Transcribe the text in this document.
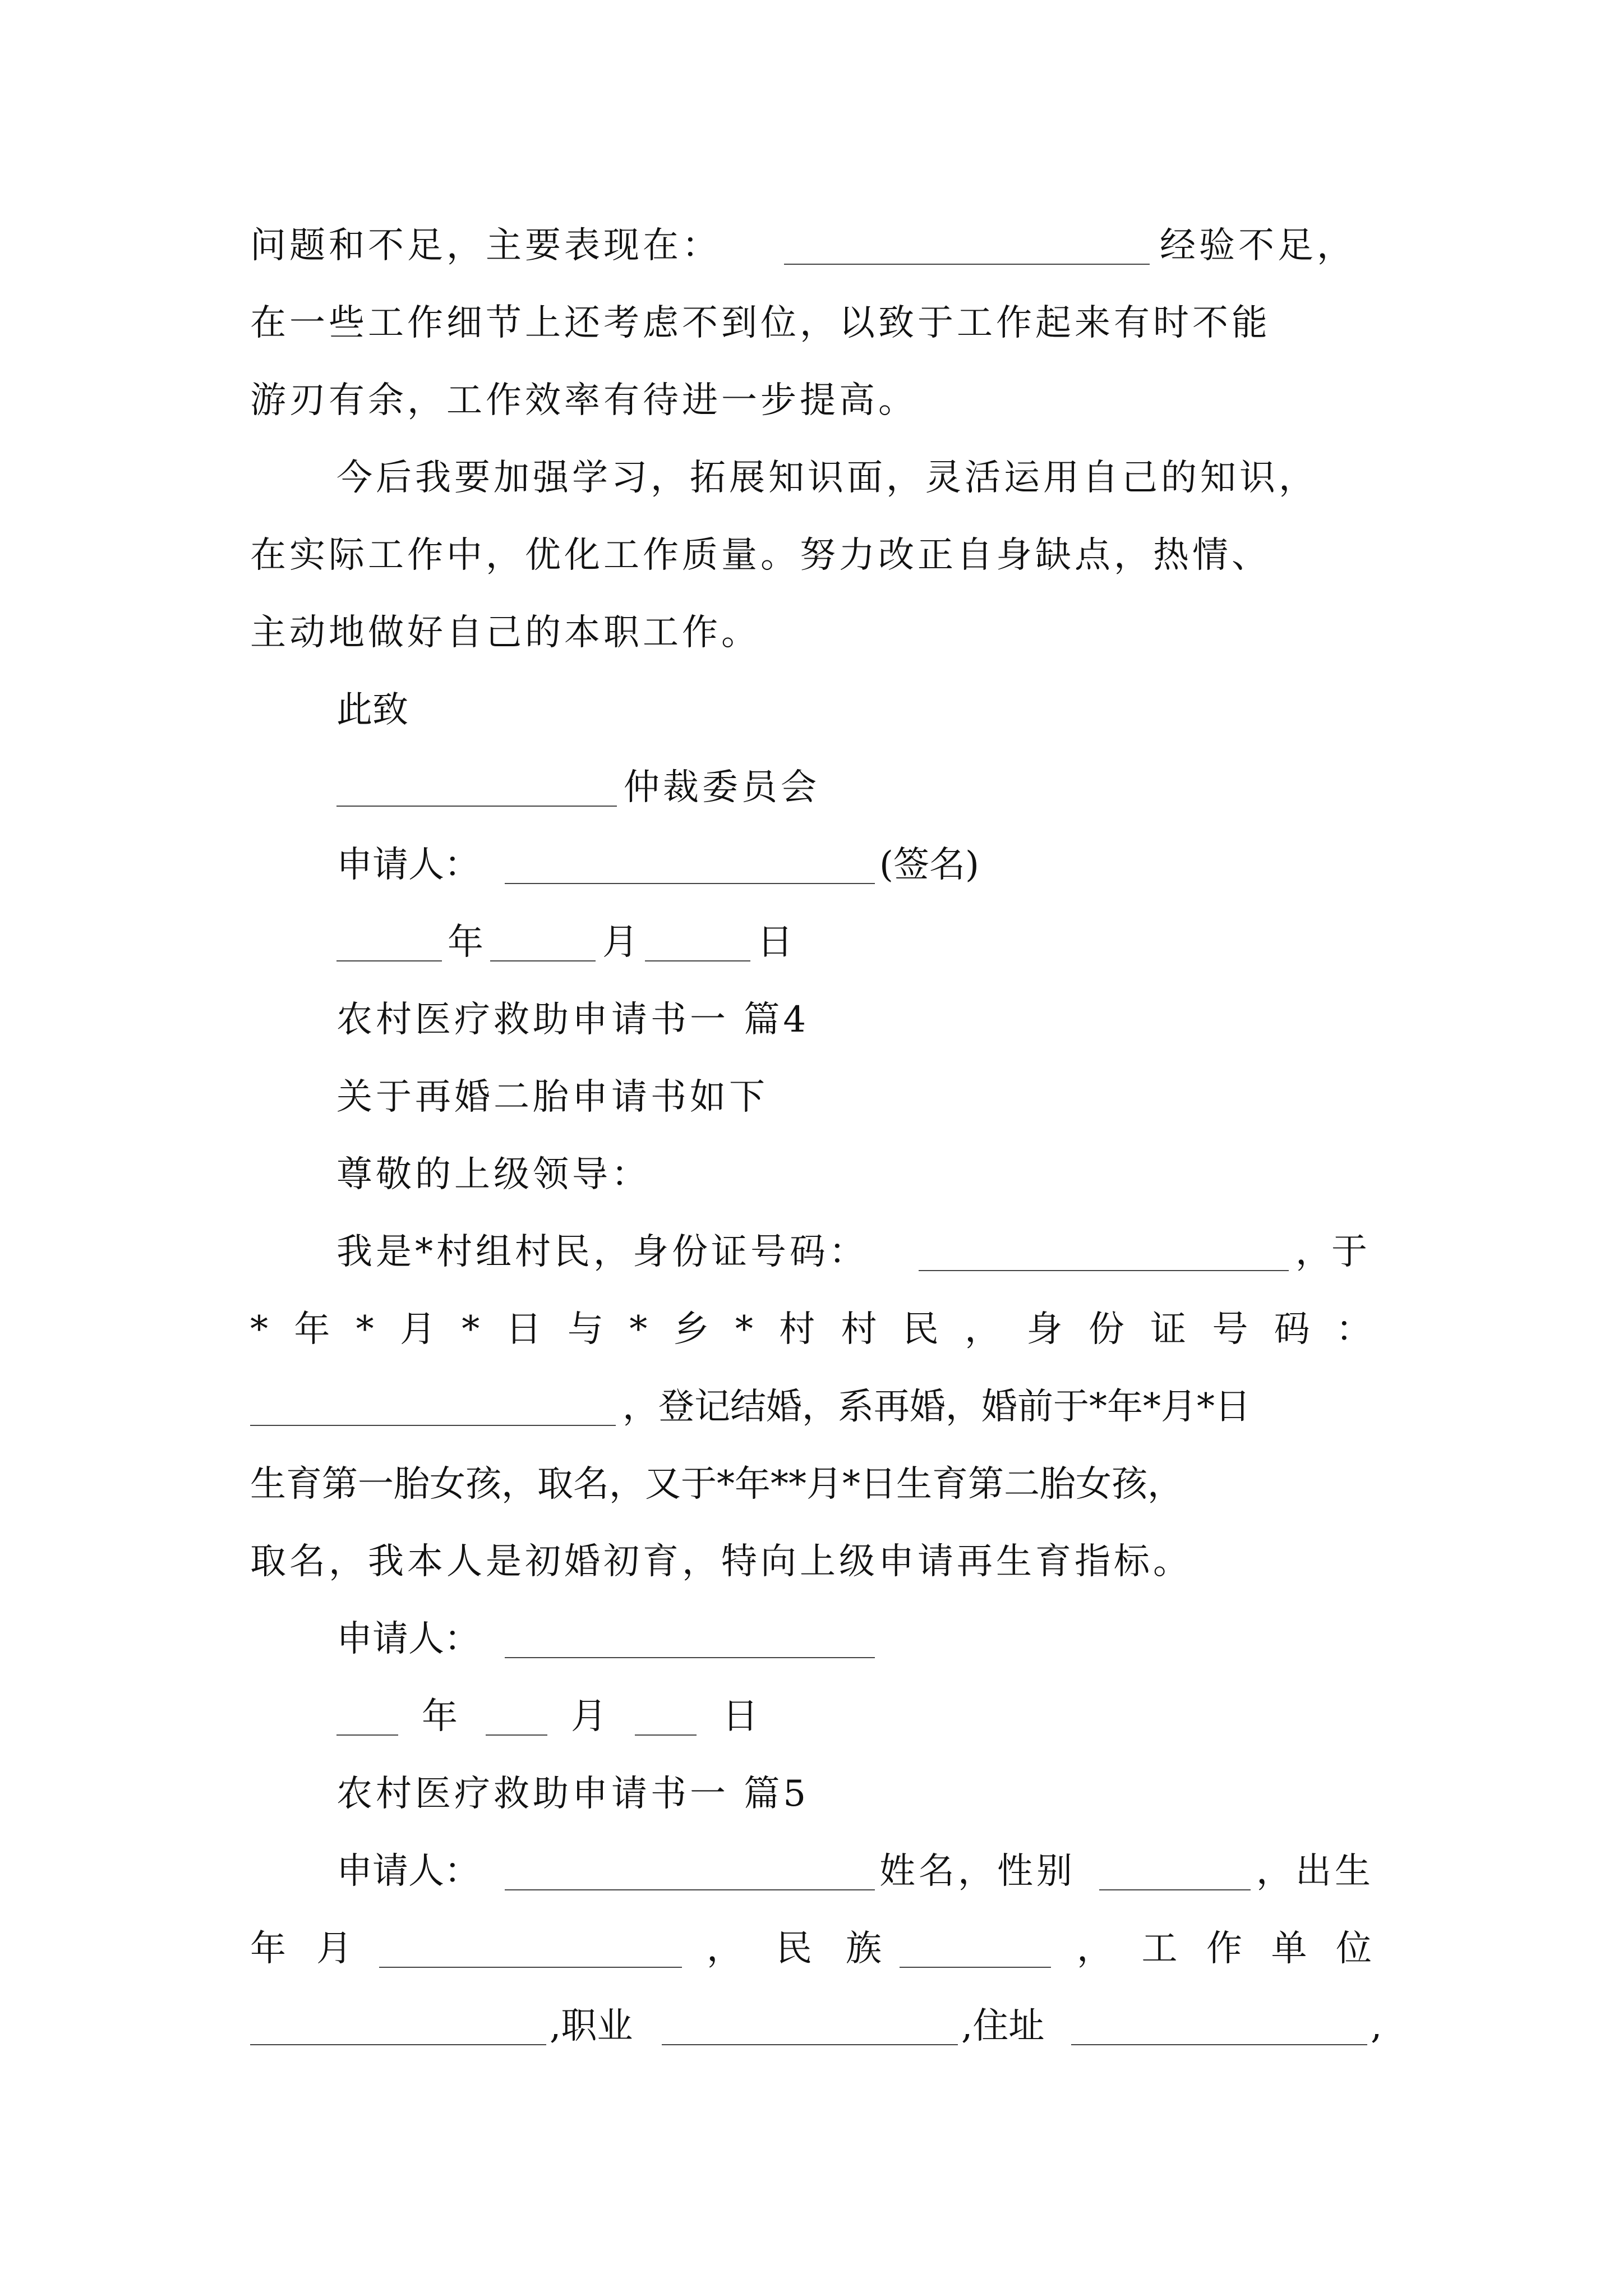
问题和不足，主要表现在：	经验不足，
在一些工作细节上还考虑不到位，以致于工作起来有时不能
游刃有余，工作效率有待进一步提高。
今后我要加强学习，拓展知识面，灵活运用自己的知识，
在实际工作中，优化工作质量。努力改正自身缺点，热情、
主动地做好自己的本职工作。
此致
仲裁委员会
申请人：	(签名)
年	月	日
农村医疗救助申请书一 篇4
关于再婚二胎申请书如下
尊敬的上级领导：
我是*村组村民，身份证号码：	，于
* 年 * 月 * 日 与 * 乡 * 村 村 民 ， 身 份 证 号 码 ：
，登记结婚，系再婚，婚前于*年*月*日
生育第一胎女孩，取名，又于*年**月*日生育第二胎女孩，
取名，我本人是初婚初育，特向上级申请再生育指标。
申请人：
年	月	日
农村医疗救助申请书一 篇5
申请人：	姓名，性别	，出生
年 月	， 民 族	， 工 作 单 位
,职业	,住址	,
